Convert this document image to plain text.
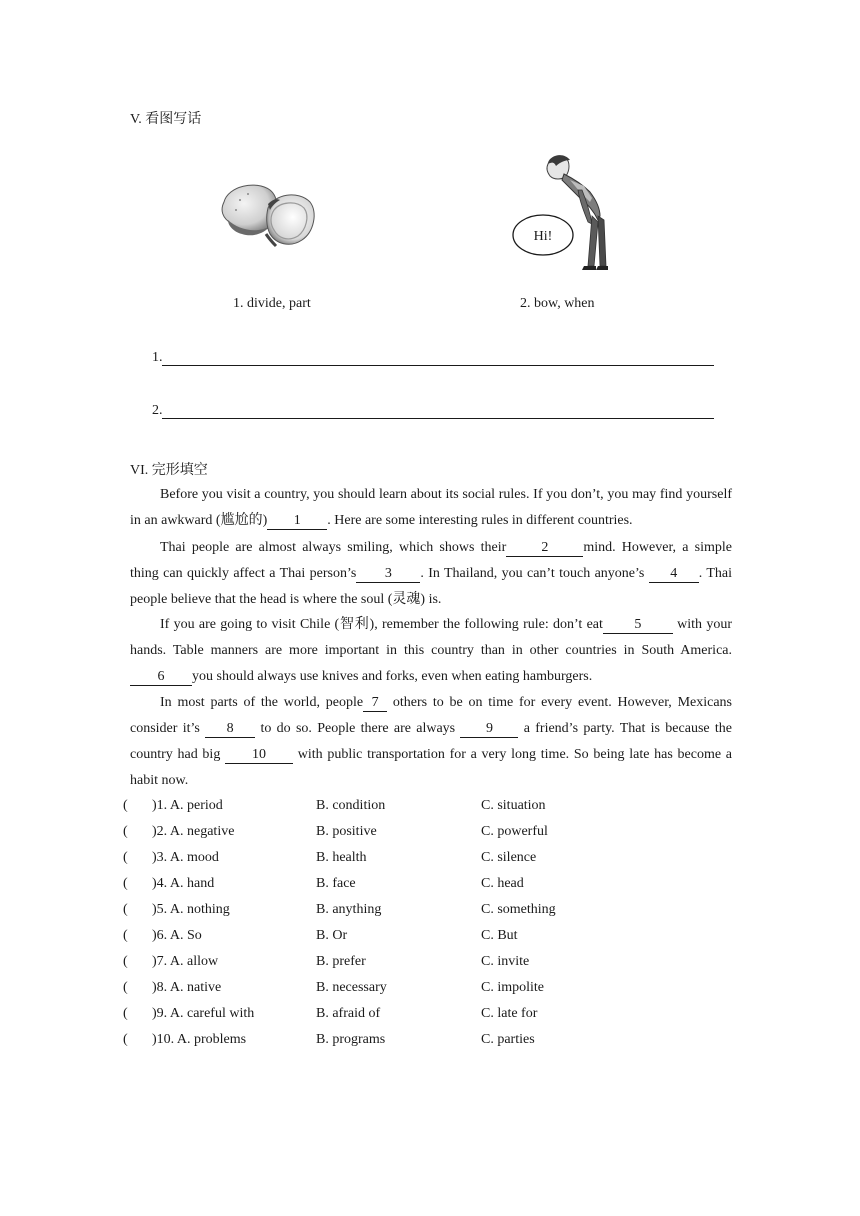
V. 看图写话
Hi!
1. divide, part	2. bow, when
1.
2.
VI. 完形填空
Before you visit a country, you should learn about its social rules. If you don’t, you may find yourself in an awkward (尴尬的) 1 . Here are some interesting rules in different countries.
Thai people are almost always smiling, which shows their	2	mind. However, a simple thing can quickly affect a Thai person’s 3 . In Thailand, you can’t touch anyone’s 4 . Thai people believe that the head is where the soul (灵魂) is.
If you are going to visit Chile (智利), remember the following rule: don’t eat 5 with your hands. Table manners are more important in this country than in other countries in South America.6 you should always use knives and forks, even when eating hamburgers.
In most parts of the world, people 7 others to be on time for every event. However, Mexicans consider it’s 8 to do so. People there are always 9 a friend’s party. That is because the country had big 10 with public transportation for a very long time. So being late has become a habit now.
( )1. A. period	B. condition	C. situation
( )2. A. negative	B. positive	C. powerful
( )3. A. mood	B. health	C. silence
( )4. A. hand	B. face	C. head
( )5. A. nothing	B. anything	C. something
( )6. A. So	B. Or	C. But
( )7. A. allow	B. prefer	C. invite
( )8. A. native	B. necessary	C. impolite
( )9. A. careful with	B. afraid of	C. late for
( )10. A. problems	B. programs	C. parties
